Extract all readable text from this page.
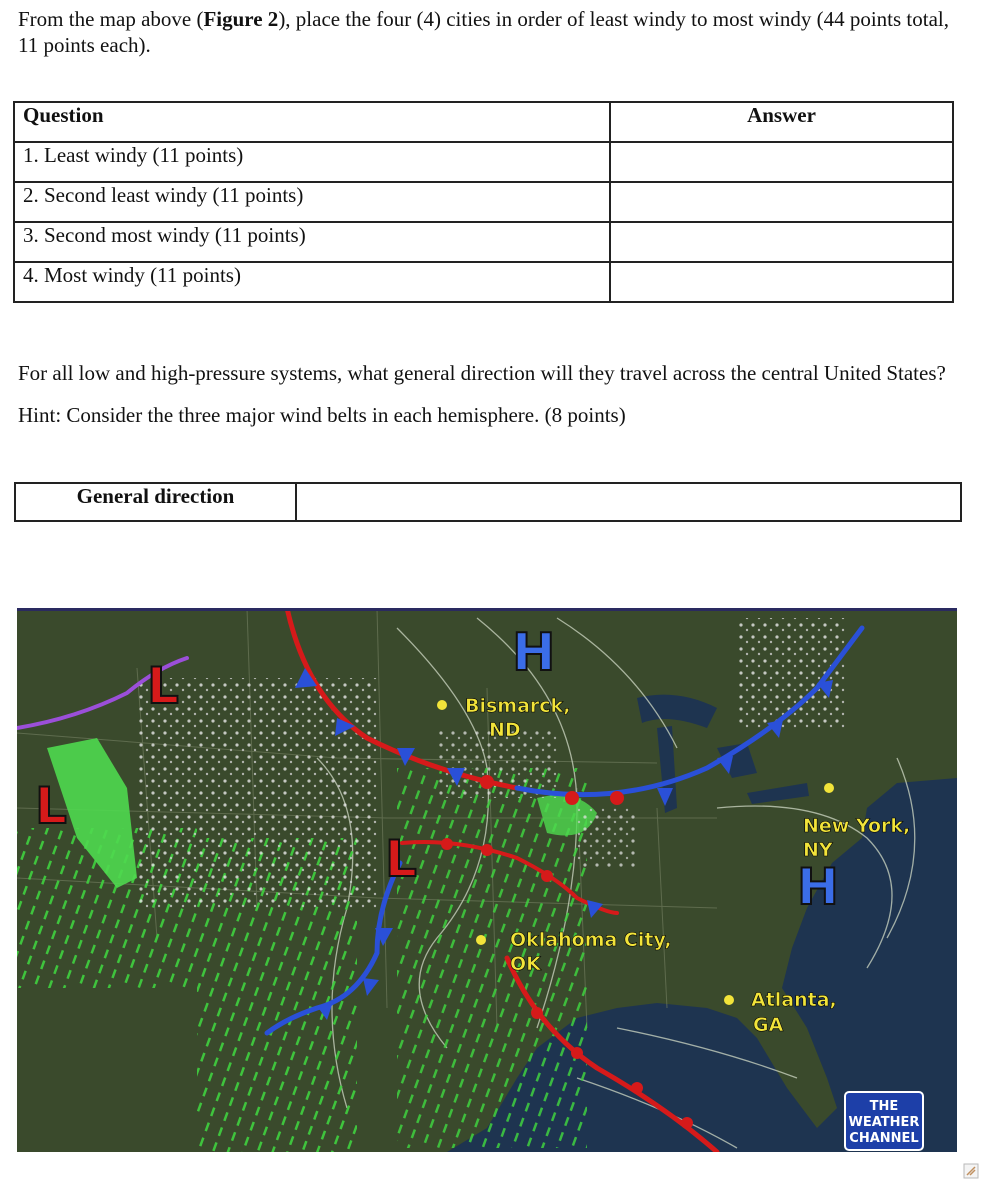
From the map above (Figure 2), place the four (4) cities in order of least windy to most windy (44 points total, 11 points each).
Question	Answer
1. Least windy (11 points)	
2. Second least windy (11 points)	
3. Second most windy (11 points)	
4. Most windy (11 points)	
For all low and high-pressure systems, what general direction will they travel across the central United States? Hint: Consider the three major wind belts in each hemisphere. (8 points)
General direction	
H
H
L
L
L
Bismarck,
ND
Oklahoma City,
OK
New York,
NY
Atlanta,
GA
THE
WEATHER
CHANNEL
